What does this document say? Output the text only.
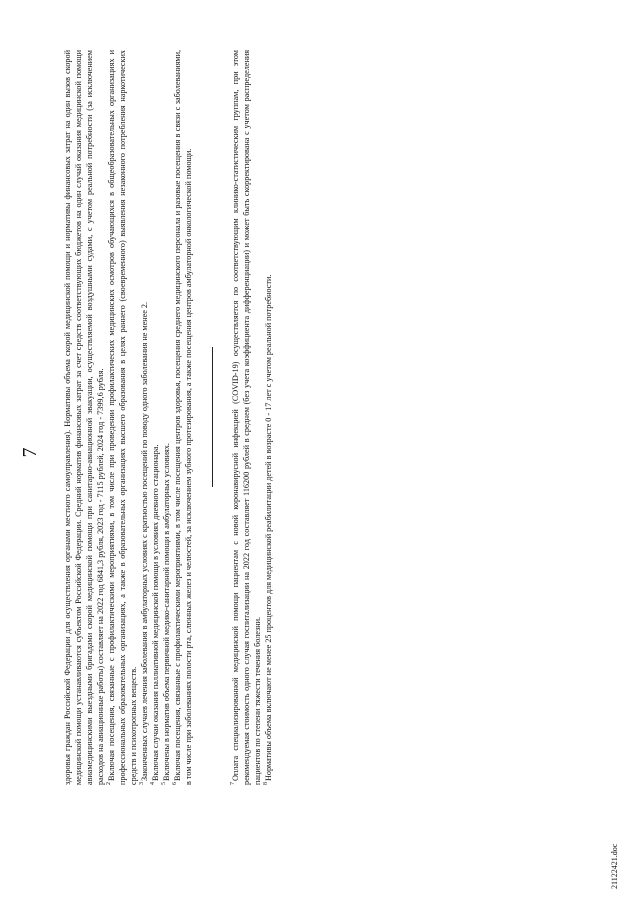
7	здоровья граждан Российской Федерации для осуществления органами местного самоуправления). Нормативы объема скорой медицинской помощи и нормативы финансовых затрат на один вызов скорой медицинской помощи устанавливаются субъектом Российской Федерации. Средний норматив финансовых затрат за счет средств соответствующих бюджетов на один случай оказания медицинской помощи авиамедицинскими выездными бригадами скорой медицинской помощи при санитарно-авиационной эвакуации, осуществляемой воздушными судами, с учетом реальной потребности (за исключением расходов на авиационные работы) составляет на 2022 год 6841,3 рубля, 2023 год - 7115 рублей, 2024 год - 7399,6 рубля. $^2$Включая посещения, связанные с профилактическими мероприятиями, в том числе при проведении профилактических медицинских осмотров обучающихся в общеобразовательных организациях и профессиональных образовательных организациях, а также в образовательных организациях высшего образования в целях раннего (своевременного) выявления незаконного потребления наркотических средств и психотропных веществ. $^3$Законченных случаев лечения заболевания в амбулаторных условиях с кратностью посещений по поводу одного заболевания не менее 2.

$^4$Включая случаи оказания паллиативной медицинской помощи в условиях дневного стационара.

$^5$Включены в норматив объема первичной медико-санитарной помощи в амбулаторных условиях.

$^6$Включая посещения, связанные с профилактическими мероприятиями, в том числе посещения центров здоровья, посещения среднего медицинского персонала и разовые посещения в связи с заболеваниями, в том числе при заболеваниях полости рта, слюнных желез и челюстей, за исключением зубного протезирования, а также посещения центров амбулаторной онкологической помощи.	$^7$Оплата специализированной медицинской помощи пациентам с новой коронавирусной инфекцией (COVID-19) осуществляется по соответствующим клинико-статистическим группам, при этом рекомендуемая стоимость одного случая госпитализации на 2022 год составляет 116200 рублей в среднем (без учета коэффициента дифференциации) и может быть скорректирована с учетом распределения пациентов по степени тяжести течения болезни. $^8$Нормативы объема включают не менее 25 процентов для медицинской реабилитации детей в возрасте 0 - 17 лет с учетом реальной потребности.

21122421.doc
